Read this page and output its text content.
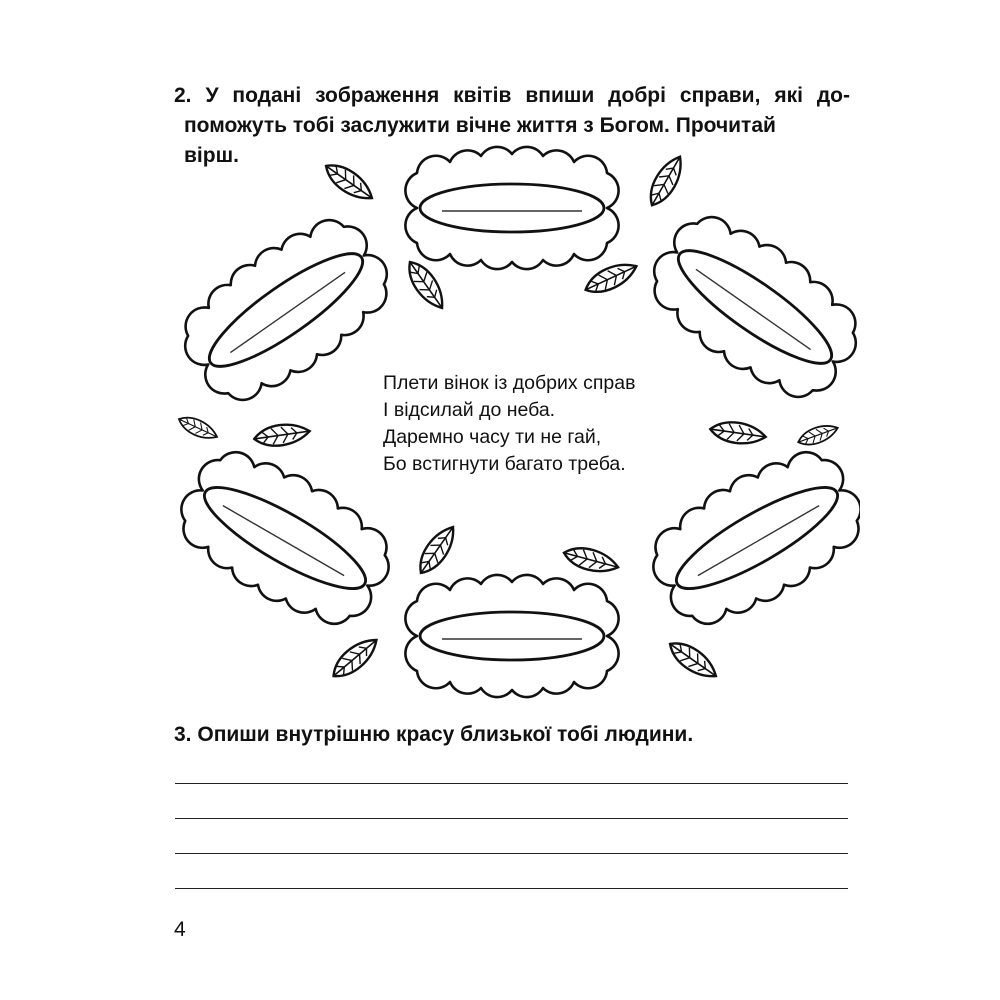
2. У подані зображення квітів впиши добрі справи, які до-
поможуть тобі заслужити вічне життя з Богом. Прочитай
вірш.

Плети вінок із добрих справ
І відсилай до неба.
Даремно часу ти не гай,
Бо встигнути багато треба.

3. Опиши внутрішню красу близької тобі людини.

4
